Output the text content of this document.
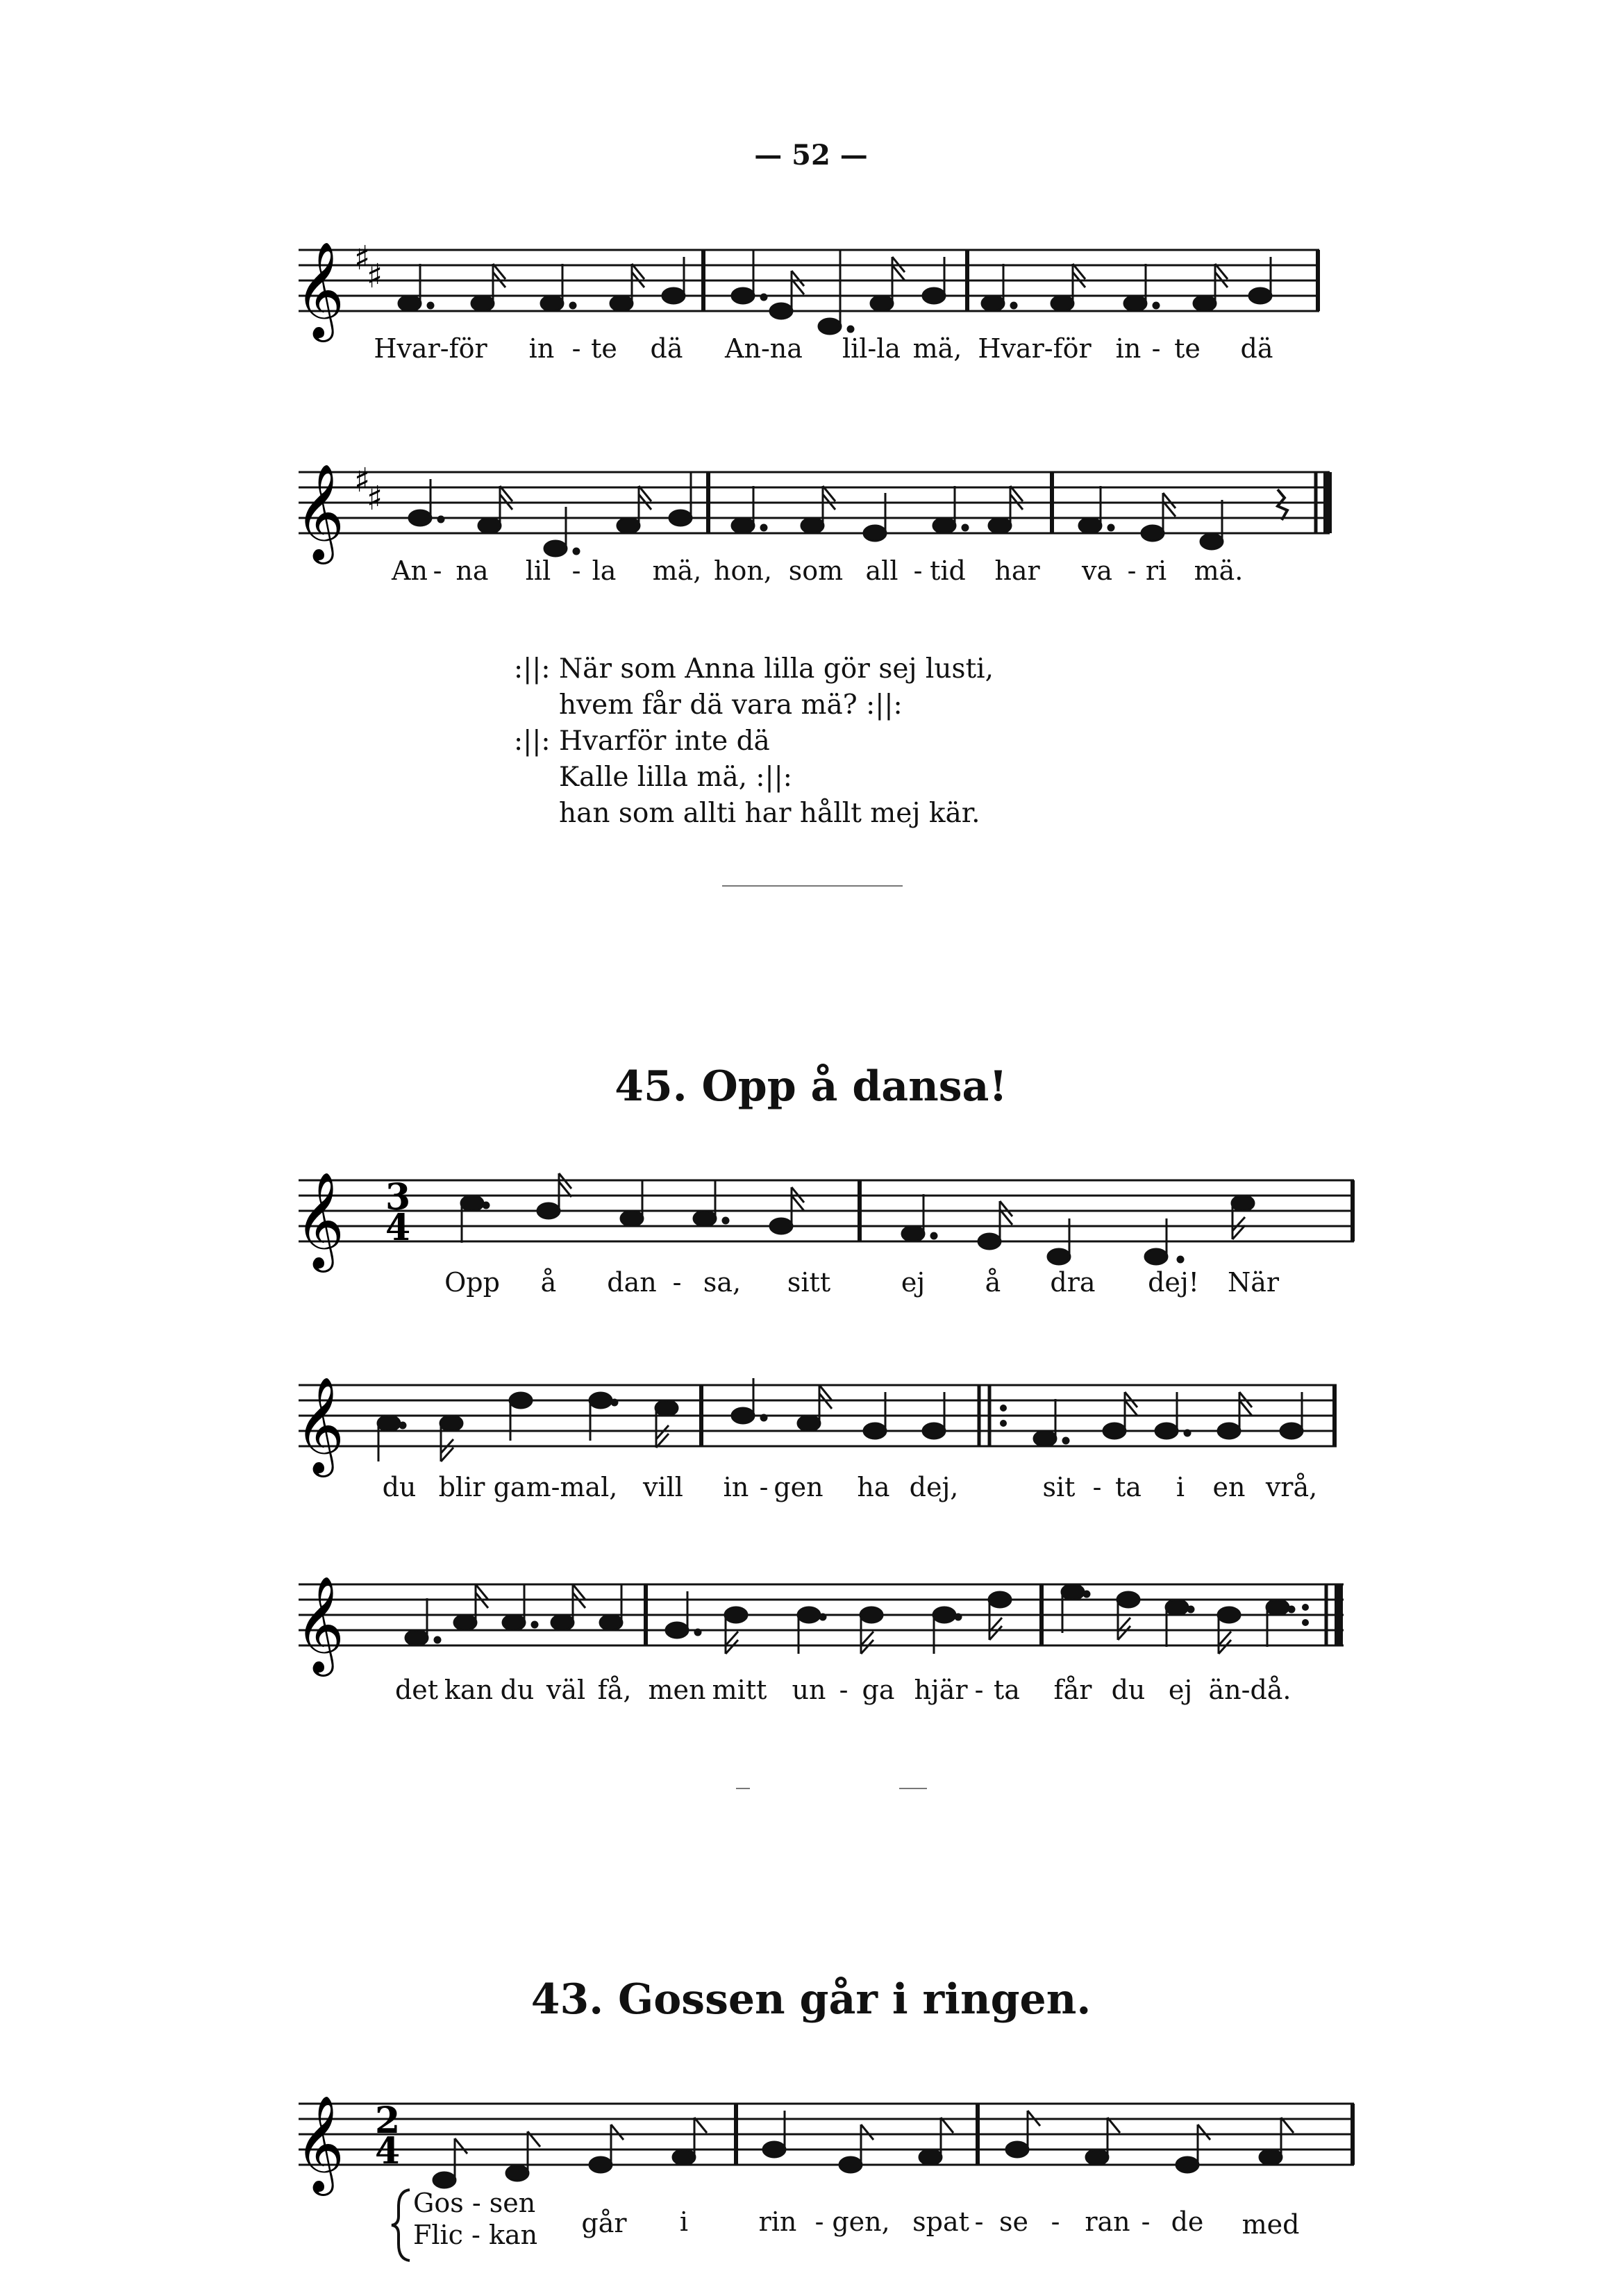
— 52 —
𝄞 ♯
♯
Hvar-för in - te dä An-na lil-la mä, Hvar-för in - te dä
𝄞 ♯
♯
An - na lil - la mä, hon, som all - tid har va - ri mä.
:||: När som Anna lilla gör sej lusti,
hvem får dä vara mä? :||:
:||: Hvarför inte dä
Kalle lilla mä, :||:
han som allti har hållt mej kär.
45. Opp å dansa!
𝄞 3
4
Opp å dan - sa, sitt	ej å dra dej! När
𝄞
du blir gam-mal, vill in - gen ha dej,	sit - ta i en vrå,
𝄞
det kan du väl få, men mitt un - ga hjär - ta får du ej än-då.
43. Gossen går i ringen.
𝄞 2
4
Gos - sen
Flic - kan går i	rin - gen, spat - se - ran - de med
